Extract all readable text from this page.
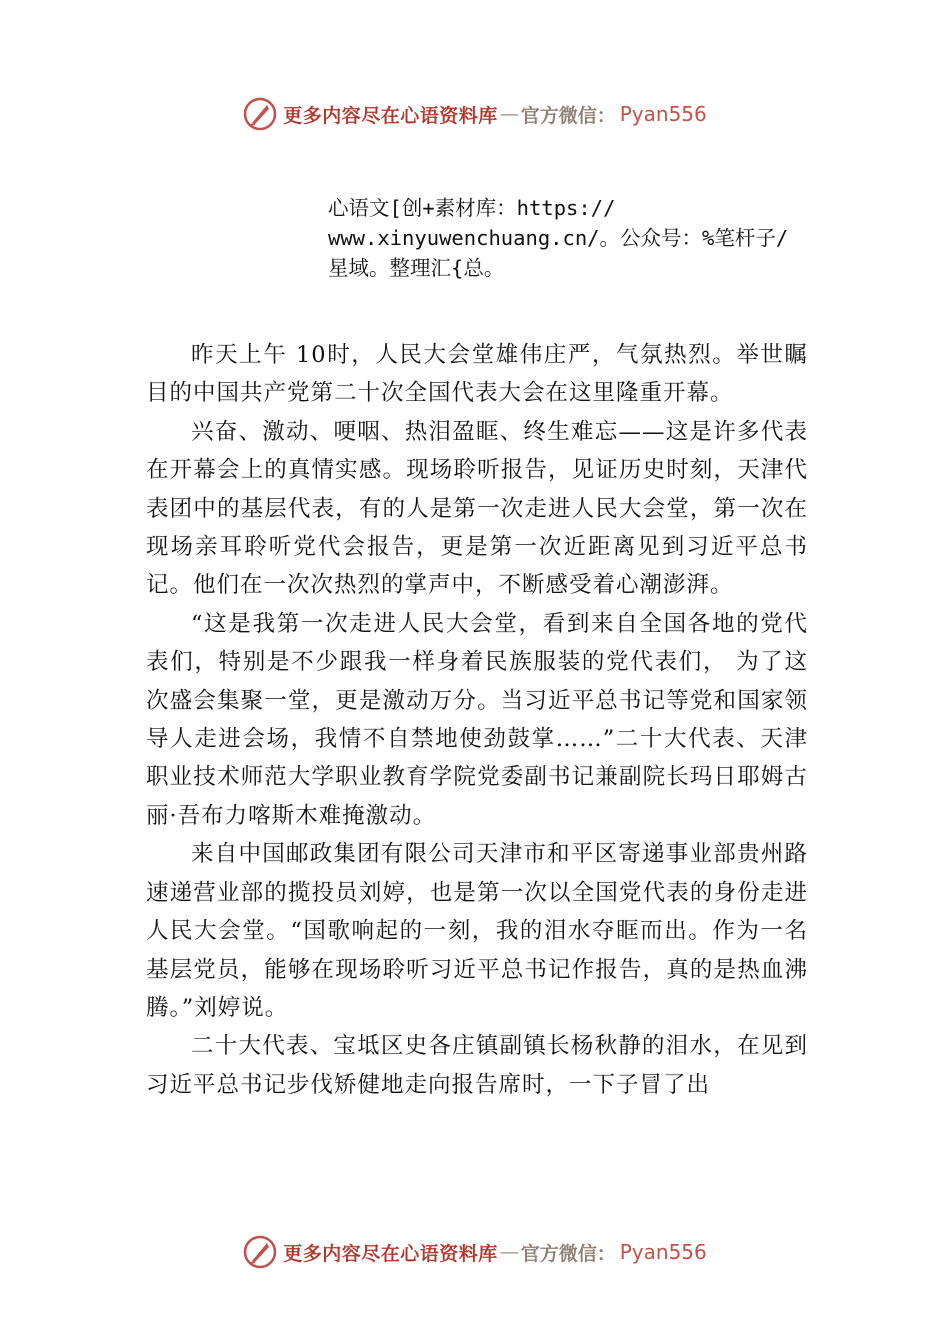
更多内容尽在心语资料库 — 官方微信： Pyan556
心语文[创+素材库：https://
www.xinyuwenchuang.cn/。公众号：%笔杆子/
星域。整理汇{总。

昨天上午 10时，人民大会堂雄伟庄严，气氛热烈。举世瞩目的中国共产党第二十次全国代表大会在这里隆重开幕。

兴奋、激动、哽咽、热泪盈眶、终生难忘——这是许多代表在开幕会上的真情实感。现场聆听报告，见证历史时刻，天津代表团中的基层代表，有的人是第一次走进人民大会堂，第一次在现场亲耳聆听党代会报告，更是第一次近距离见到习近平总书记。他们在一次次热烈的掌声中，不断感受着心潮澎湃。

“这是我第一次走进人民大会堂，看到来自全国各地的党代表们，特别是不少跟我一样身着民族服装的党代表们， 为了这次盛会集聚一堂，更是激动万分。当习近平总书记等党和国家领导人走进会场，我情不自禁地使劲鼓掌……”二十大代表、天津职业技术师范大学职业教育学院党委副书记兼副院长玛日耶姆古丽·吾布力喀斯木难掩激动。

来自中国邮政集团有限公司天津市和平区寄递事业部贵州路速递营业部的揽投员刘婷，也是第一次以全国党代表的身份走进人民大会堂。“国歌响起的一刻，我的泪水夺眶而出。作为一名基层党员，能够在现场聆听习近平总书记作报告，真的是热血沸腾。”刘婷说。

二十大代表、宝坻区史各庄镇副镇长杨秋静的泪水，在见到习近平总书记步伐矫健地走向报告席时，一下子冒了出

更多内容尽在心语资料库 — 官方微信： Pyan556
